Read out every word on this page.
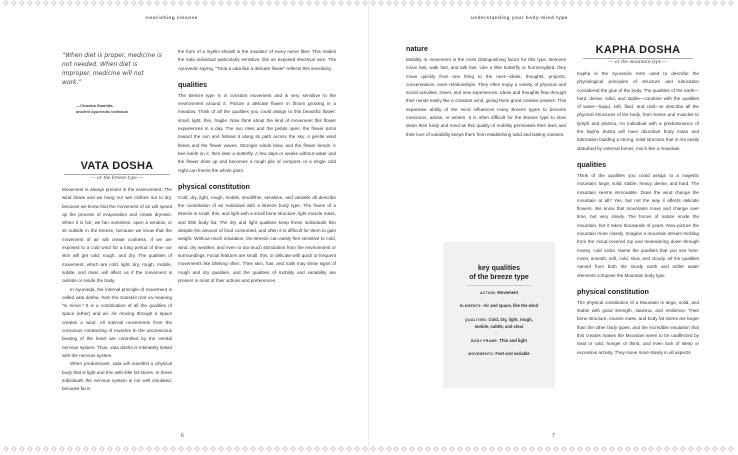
nourishing cleanse
“When diet is proper, medicine is not needed. When diet is improper, medicine will not work.”
—Charaka Samhita,
ancient Ayurvedic textbook
VATA DOSHA
— or the breeze type —

Movement is always present in the environment. The wind blows and we hang our wet clothes out to dry, because we know that the movement of air will speed up the process of evaporation and create dryness. When it is hot, we fan ourselves, open a window, or sit outside in the breeze, because we know that the movement of air will create coolness. If we are exposed to a cold wind for a long period of time our skin will get cold, rough, and dry. The qualities of movement, which are cold, light, dry, rough, mobile, subtle, and clear, will affect us if the movement is outside or inside the body.

In Ayurveda, the internal principle of movement is called vata dosha, from the Sanskrit root va meaning “to move.” It is a combination of all the qualities of space (ether) and air. Air moving through a space creates a wind. All internal movements from the conscious contracting of muscles to the unconscious beating of the heart are controlled by the central nervous system. Thus, vata dosha is intimately linked with the nervous system.

When predominant, vata will manifest a physical body that is light and thin with little fat stores. In these individuals the nervous system is not well insulated, because fat in

the form of a myelin sheath is the insulator of every nerve fiber. This makes the vata individual particularly sensitive, like an exposed electrical wire. The Ayurvedic saying, “Treat a vata like a delicate flower” reflects this sensitivity.

qualities

The Breeze type is in constant movement and is very sensitive to the environment around it. Picture a delicate flower in bloom growing in a meadow. Think of all the qualities you could assign to this beautiful flower: small, light, thin, fragile. Now think about the kind of movement this flower experiences in a day. The sun rises and the petals open, the flower turns toward the sun and follows it along its path across the sky. A gentle wind blows and the flower waves. Stronger winds blow, and the flower bends. A bee lands on it, then later a butterfly. A few days or weeks without water and the flower dries up and becomes a rough pile of compost, or a single cold night can freeze the whole plant.

physical constitution

Cold, dry, light, rough, mobile, small/thin, sensitive, and variable all describe the constitution of an individual with a Breeze body type. The frame of a Breeze is small, thin, and light with a small bone structure, light muscle mass, and little body fat. The dry and light qualities keep these individuals thin despite the amount of food consumed, and often it is difficult for them to gain weight. Without much insulation, the Breeze can easily feel sensitive to cold, wind, dry weather, and even to too much stimulation from the environment or surroundings. Facial features are small, thin, or delicate with quick or frequent movements like blinking often. Their skin, hair, and nails may show signs of rough and dry qualities, and the qualities of mobility and variability are present in most of their actions and preferences.

6
understanding your body-mind type
nature

Mobility or movement is the most distinguishing factor for this type. Breezes move fast, walk fast, and talk fast. Like a little butterfly or hummingbird, they move quickly from one thing to the next—ideas, thoughts, projects, conversations, even relationships. They often enjoy a variety of physical and social activities, travel, and new experiences. Ideas and thoughts flow through their minds easily like a constant wind, giving them great creative powers. This expansive ability of the mind influences many Breeze types to become musicians, artists, or writers. It is often difficult for the Breeze type to slow down their body and mind as this quality of mobility permeates their lives and their love of variability keeps them from establishing solid and lasting routines.

KAPHA DOSHA
— or the mountain type —

Kapha is the Ayurvedic term used to describe the physiological principles of structure and lubrication considered the glue of the body. The qualities of the earth—hard, dense, solid, and stable—combine with the qualities of water—liquid, soft, fluid, and cold—to describe all the physical structures of the body, from bones and muscles to lymph and plasma. An individual with a predominance of the kapha dosha will have abundant body mass and lubrication building a strong, solid structure that is not easily disturbed by external forces, much like a mountain.

qualities

Think of the qualities you could assign to a majestic mountain: large, solid, stable, heavy, dense, and hard. The mountain seems immovable. Does the wind change the mountain at all? Yes, but not the way it affects delicate flowers. We know that mountains move and change over time, but very slowly. The forces of nature erode the mountain, but it takes thousands of years. Now picture the mountain more closely. Imagine a mountain stream trickling from the cloud-covered top and meandering down through mossy, cold rocks. Name the qualities that you see here: moist, smooth, soft, cold, slow, and cloudy. All the qualities named from both the sturdy earth and softer water elements compose the Mountain body type.

physical constitution

The physical constitution of a Mountain is large, solid, and stable with good strength, stamina, and resilience. Their bone structure, muscle mass, and body fat stores are larger than the other body types, and the incredible insulation that this creates makes the Mountain seem to be unaffected by heat or cold, hunger or thirst, and even lack of sleep or excessive activity. They move more slowly in all aspects

7
key qualities
of the breeze type
ACTION: Movement
ELEMENTS: Air and space, like the wind
QUALITIES: Cold, dry, light, rough,
mobile, subtle, and clear
BODY FRAME: Thin and light
MOVEMENTS: Fast and variable
